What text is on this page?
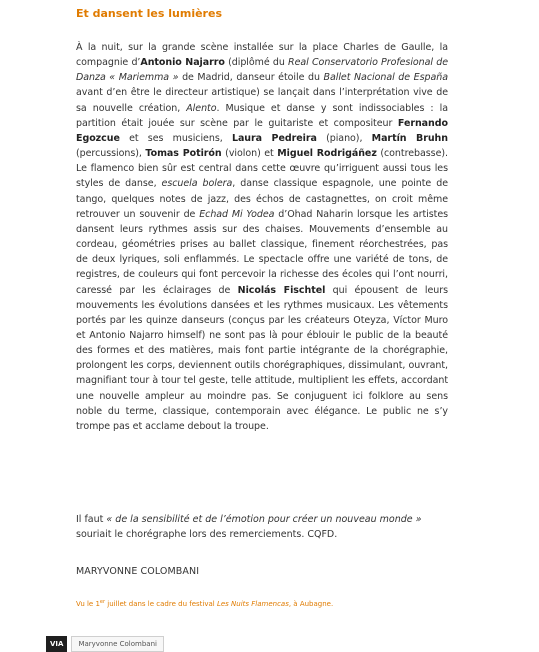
Et dansent les lumières

À la nuit, sur la grande scène installée sur la place Charles de Gaulle, la compagnie d’Antonio Najarro (diplômé du Real Conservatorio Profesional de Danza « Mariemma » de Madrid, danseur étoile du Ballet Nacional de España avant d’en être le directeur artistique) se lançait dans l’interprétation vive de sa nouvelle création, Alento. Musique et danse y sont indissociables : la partition était jouée sur scène par le guitariste et compositeur Fernando Egozcue et ses musiciens, Laura Pedreira (piano), Martín Bruhn (percussions), Tomas Potirón (violon) et Miguel Rodrigáñez (contrebasse). Le flamenco bien sûr est central dans cette œuvre qu’irriguent aussi tous les styles de danse, escuela bolera, danse classique espagnole, une pointe de tango, quelques notes de jazz, des échos de castagnettes, on croit même retrouver un souvenir de Echad Mi Yodea d’Ohad Naharin lorsque les artistes dansent leurs rythmes assis sur des chaises. Mouvements d’ensemble au cordeau, géométries prises au ballet classique, finement réorchestrées, pas de deux lyriques, soli enflammés. Le spectacle offre une variété de tons, de registres, de couleurs qui font percevoir la richesse des écoles qui l’ont nourri, caressé par les éclairages de Nicolás Fischtel qui épousent de leurs mouvements les évolutions dansées et les rythmes musicaux. Les vêtements portés par les quinze danseurs (conçus par les créateurs Oteyza, Víctor Muro et Antonio Najarro himself) ne sont pas là pour éblouir le public de la beauté des formes et des matières, mais font partie intégrante de la chorégraphie, prolongent les corps, deviennent outils chorégraphiques, dissimulant, ouvrant, magnifiant tour à tour tel geste, telle attitude, multiplient les effets, accordant une nouvelle ampleur au moindre pas. Se conjuguent ici folklore au sens noble du terme, classique, contemporain avec élégance. Le public ne s’y trompe pas et acclame debout la troupe.

Il faut « de la sensibilité et de l’émotion pour créer un nouveau monde » souriait le chorégraphe lors des remerciements. CQFD.

MARYVONNE COLOMBANI

Vu le 1er juillet dans le cadre du festival Les Nuits Flamencas, à Aubagne.

VIA	Maryvonne Colombani
